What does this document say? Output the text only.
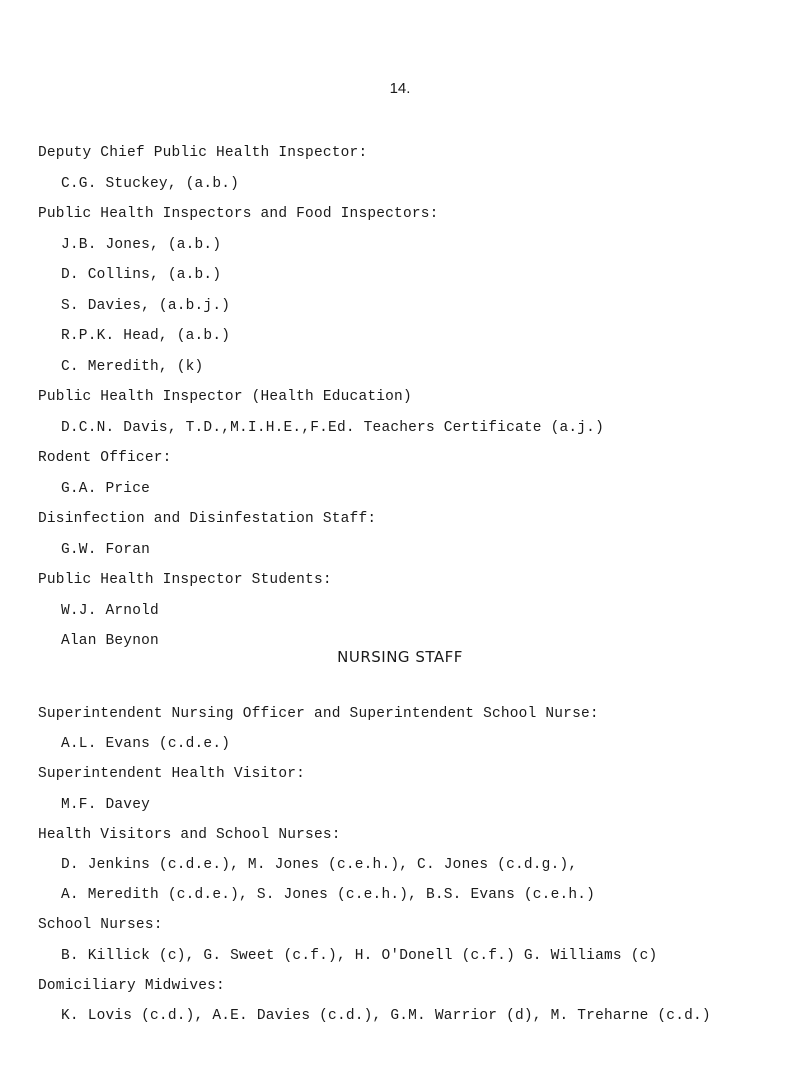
14.
Deputy Chief Public Health Inspector:
C.G. Stuckey, (a.b.)
Public Health Inspectors and Food Inspectors:
J.B. Jones, (a.b.)
D. Collins, (a.b.)
S. Davies, (a.b.j.)
R.P.K. Head, (a.b.)
C. Meredith, (k)
Public Health Inspector (Health Education)
D.C.N. Davis, T.D.,M.I.H.E.,F.Ed. Teachers Certificate (a.j.)
Rodent Officer:
G.A. Price
Disinfection and Disinfestation Staff:
G.W. Foran
Public Health Inspector Students:
W.J. Arnold
Alan Beynon
NURSING STAFF
Superintendent Nursing Officer and Superintendent School Nurse:
A.L. Evans (c.d.e.)
Superintendent Health Visitor:
M.F. Davey
Health Visitors and School Nurses:
D. Jenkins (c.d.e.), M. Jones (c.e.h.), C. Jones (c.d.g.),
A. Meredith (c.d.e.), S. Jones (c.e.h.), B.S. Evans (c.e.h.)
School Nurses:
B. Killick (c), G. Sweet (c.f.), H. O'Donell (c.f.) G. Williams (c)
Domiciliary Midwives:
K. Lovis (c.d.), A.E. Davies (c.d.), G.M. Warrior (d), M. Treharne (c.d.)
